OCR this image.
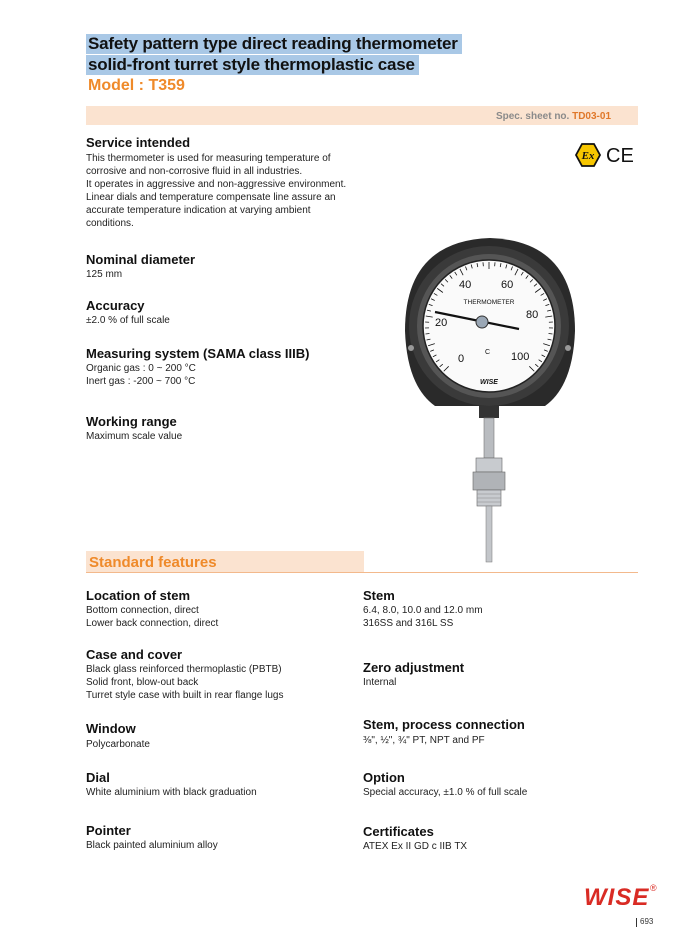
Safety pattern type direct reading thermometer
solid-front turret style thermoplastic case
Model : T359
Spec. sheet no. TD03-01
Ex CE
Service intended
This thermometer is used for measuring temperature of
corrosive and non-corrosive fluid in all industries.
It operates in aggressive and non-aggressive environment.
Linear dials and temperature compensate line assure an
accurate temperature indication at varying ambient
conditions.
Nominal diameter
125 mm
Accuracy
±2.0 % of full scale
Measuring system (SAMA class IIIB)
Organic gas : 0 ~ 200 °C
Inert gas : -200 ~ 700 °C
Working range
Maximum scale value
0
20
40	60
80
100
THERMOMETER
C
WISE
Standard features
Location of stem
Bottom connection, direct
Lower back connection, direct
Case and cover
Black glass reinforced thermoplastic (PBTB)
Solid front, blow-out back
Turret style case with built in rear flange lugs
Window
Polycarbonate
Dial
White aluminium with black graduation
Pointer
Black painted aluminium alloy
Stem
6.4, 8.0, 10.0 and 12.0 mm
316SS and 316L SS
Zero adjustment
Internal
Stem, process connection
⅜", ½", ¾" PT, NPT and PF
Option
Special accuracy, ±1.0 % of full scale
Certificates
ATEX Ex II GD c IIB TX
WISE ®
693
